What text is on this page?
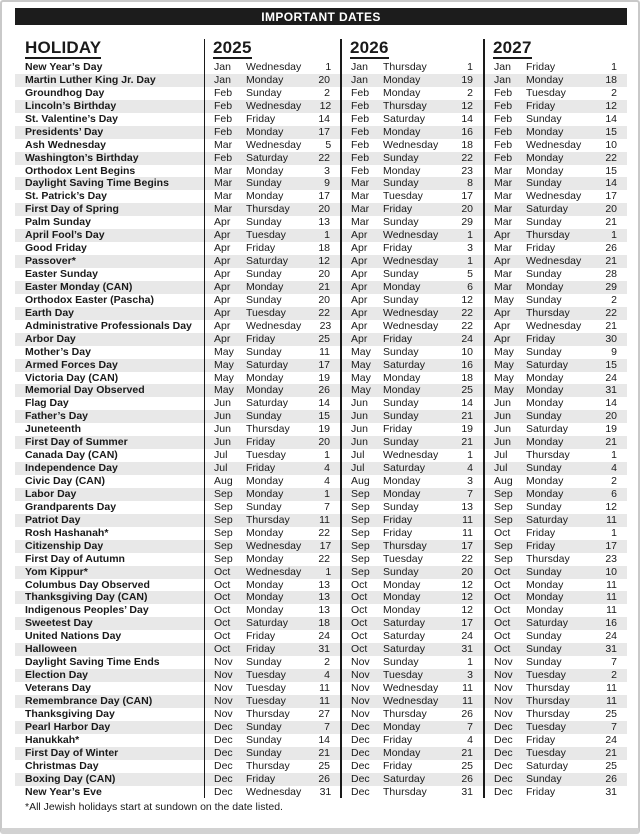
IMPORTANT DATES
HOLIDAY	2025	2026	2027
New Year’s Day	Jan	Wednesday	1	Jan	Thursday	1	Jan	Friday	1
Martin Luther King Jr. Day	Jan	Monday	20	Jan	Monday	19	Jan	Monday	18
Groundhog Day	Feb	Sunday	2	Feb	Monday	2	Feb	Tuesday	2
Lincoln’s Birthday	Feb	Wednesday	12	Feb	Thursday	12	Feb	Friday	12
St. Valentine’s Day	Feb	Friday	14	Feb	Saturday	14	Feb	Sunday	14
Presidents’ Day	Feb	Monday	17	Feb	Monday	16	Feb	Monday	15
Ash Wednesday	Mar	Wednesday	5	Feb	Wednesday	18	Feb	Wednesday	10
Washington’s Birthday	Feb	Saturday	22	Feb	Sunday	22	Feb	Monday	22
Orthodox Lent Begins	Mar	Monday	3	Feb	Monday	23	Mar	Monday	15
Daylight Saving Time Begins	Mar	Sunday	9	Mar	Sunday	8	Mar	Sunday	14
St. Patrick’s Day	Mar	Monday	17	Mar	Tuesday	17	Mar	Wednesday	17
First Day of Spring	Mar	Thursday	20	Mar	Friday	20	Mar	Saturday	20
Palm Sunday	Apr	Sunday	13	Mar	Sunday	29	Mar	Sunday	21
April Fool’s Day	Apr	Tuesday	1	Apr	Wednesday	1	Apr	Thursday	1
Good Friday	Apr	Friday	18	Apr	Friday	3	Mar	Friday	26
Passover*	Apr	Saturday	12	Apr	Wednesday	1	Apr	Wednesday	21
Easter Sunday	Apr	Sunday	20	Apr	Sunday	5	Mar	Sunday	28
Easter Monday (CAN)	Apr	Monday	21	Apr	Monday	6	Mar	Monday	29
Orthodox Easter (Pascha)	Apr	Sunday	20	Apr	Sunday	12	May	Sunday	2
Earth Day	Apr	Tuesday	22	Apr	Wednesday	22	Apr	Thursday	22
Administrative Professionals Day	Apr	Wednesday	23	Apr	Wednesday	22	Apr	Wednesday	21
Arbor Day	Apr	Friday	25	Apr	Friday	24	Apr	Friday	30
Mother’s Day	May	Sunday	11	May	Sunday	10	May	Sunday	9
Armed Forces Day	May	Saturday	17	May	Saturday	16	May	Saturday	15
Victoria Day (CAN)	May	Monday	19	May	Monday	18	May	Monday	24
Memorial Day Observed	May	Monday	26	May	Monday	25	May	Monday	31
Flag Day	Jun	Saturday	14	Jun	Sunday	14	Jun	Monday	14
Father’s Day	Jun	Sunday	15	Jun	Sunday	21	Jun	Sunday	20
Juneteenth	Jun	Thursday	19	Jun	Friday	19	Jun	Saturday	19
First Day of Summer	Jun	Friday	20	Jun	Sunday	21	Jun	Monday	21
Canada Day (CAN)	Jul	Tuesday	1	Jul	Wednesday	1	Jul	Thursday	1
Independence Day	Jul	Friday	4	Jul	Saturday	4	Jul	Sunday	4
Civic Day (CAN)	Aug	Monday	4	Aug	Monday	3	Aug	Monday	2
Labor Day	Sep	Monday	1	Sep	Monday	7	Sep	Monday	6
Grandparents Day	Sep	Sunday	7	Sep	Sunday	13	Sep	Sunday	12
Patriot Day	Sep	Thursday	11	Sep	Friday	11	Sep	Saturday	11
Rosh Hashanah*	Sep	Monday	22	Sep	Friday	11	Oct	Friday	1
Citizenship Day	Sep	Wednesday	17	Sep	Thursday	17	Sep	Friday	17
First Day of Autumn	Sep	Monday	22	Sep	Tuesday	22	Sep	Thursday	23
Yom Kippur*	Oct	Wednesday	1	Sep	Sunday	20	Oct	Sunday	10
Columbus Day Observed	Oct	Monday	13	Oct	Monday	12	Oct	Monday	11
Thanksgiving Day (CAN)	Oct	Monday	13	Oct	Monday	12	Oct	Monday	11
Indigenous Peoples’ Day	Oct	Monday	13	Oct	Monday	12	Oct	Monday	11
Sweetest Day	Oct	Saturday	18	Oct	Saturday	17	Oct	Saturday	16
United Nations Day	Oct	Friday	24	Oct	Saturday	24	Oct	Sunday	24
Halloween	Oct	Friday	31	Oct	Saturday	31	Oct	Sunday	31
Daylight Saving Time Ends	Nov	Sunday	2	Nov	Sunday	1	Nov	Sunday	7
Election Day	Nov	Tuesday	4	Nov	Tuesday	3	Nov	Tuesday	2
Veterans Day	Nov	Tuesday	11	Nov	Wednesday	11	Nov	Thursday	11
Remembrance Day (CAN)	Nov	Tuesday	11	Nov	Wednesday	11	Nov	Thursday	11
Thanksgiving Day	Nov	Thursday	27	Nov	Thursday	26	Nov	Thursday	25
Pearl Harbor Day	Dec	Sunday	7	Dec	Monday	7	Dec	Tuesday	7
Hanukkah*	Dec	Sunday	14	Dec	Friday	4	Dec	Friday	24
First Day of Winter	Dec	Sunday	21	Dec	Monday	21	Dec	Tuesday	21
Christmas Day	Dec	Thursday	25	Dec	Friday	25	Dec	Saturday	25
Boxing Day (CAN)	Dec	Friday	26	Dec	Saturday	26	Dec	Sunday	26
New Year’s Eve	Dec	Wednesday	31	Dec	Thursday	31	Dec	Friday	31
*All Jewish holidays start at sundown on the date listed.
